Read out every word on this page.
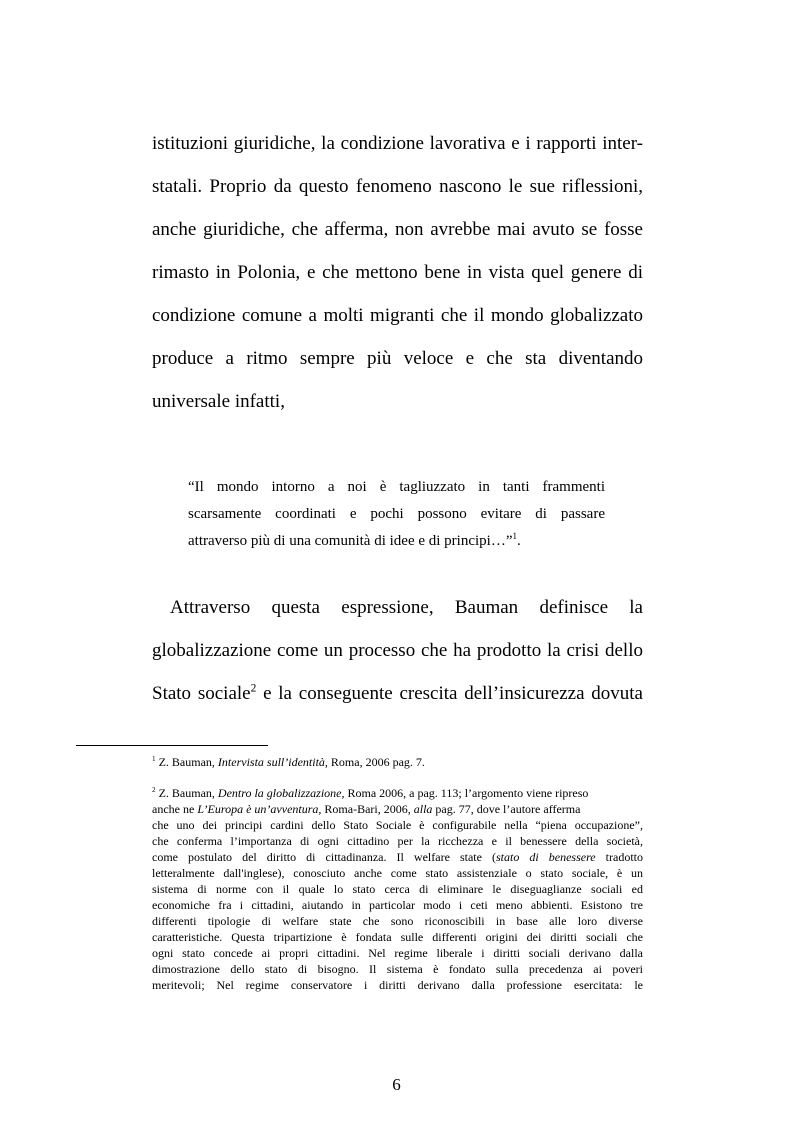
istituzioni giuridiche, la condizione lavorativa e i rapporti inter-
statali. Proprio da questo fenomeno nascono le sue riflessioni,
anche giuridiche, che afferma, non avrebbe mai avuto se fosse
rimasto in Polonia, e che mettono bene in vista quel genere di
condizione comune a molti migranti che il mondo globalizzato
produce a ritmo sempre più veloce e che sta diventando
universale infatti,
“Il mondo intorno a noi è tagliuzzato in tanti frammenti
scarsamente coordinati e pochi possono evitare di passare
attraverso più di una comunità di idee e di principi…”$^1$.
Attraverso questa espressione, Bauman definisce la
globalizzazione come un processo che ha prodotto la crisi dello
Stato sociale$^2$ e la conseguente crescita dell’insicurezza dovuta
$^1$ Z. Bauman, Intervista sull’identità, Roma, 2006 pag. 7.
$^2$ Z. Bauman, Dentro la globalizzazione, Roma 2006, a pag. 113; l’argomento viene ripreso
anche ne L’Europa è un’avventura, Roma-Bari, 2006, alla pag. 77, dove l’autore afferma
che uno dei principi cardini dello Stato Sociale è configurabile nella “piena occupazione”,
che conferma l’importanza di ogni cittadino per la ricchezza e il benessere della società,
come postulato del diritto di cittadinanza. Il welfare state (stato di benessere tradotto
letteralmente dall'inglese), conosciuto anche come stato assistenziale o stato sociale, è un
sistema di norme con il quale lo stato cerca di eliminare le diseguaglianze sociali ed
economiche fra i cittadini, aiutando in particolar modo i ceti meno abbienti. Esistono tre
differenti tipologie di welfare state che sono riconoscibili in base alle loro diverse
caratteristiche. Questa tripartizione è fondata sulle differenti origini dei diritti sociali che
ogni stato concede ai propri cittadini. Nel regime liberale i diritti sociali derivano dalla
dimostrazione dello stato di bisogno. Il sistema è fondato sulla precedenza ai poveri
meritevoli; Nel regime conservatore i diritti derivano dalla professione esercitata: le
6
